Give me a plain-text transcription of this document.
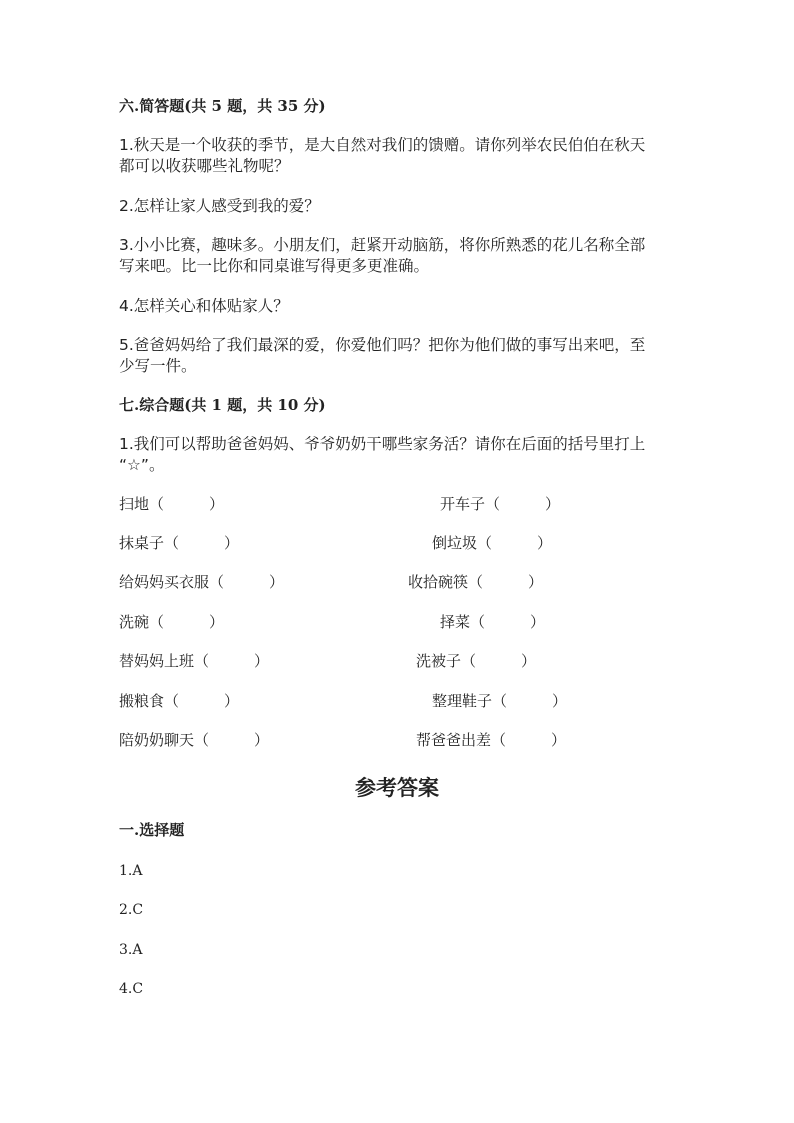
六.简答题(共 5 题，共 35 分)

1.秋天是一个收获的季节，是大自然对我们的馈赠。请你列举农民伯伯在秋天

都可以收获哪些礼物呢？

2.怎样让家人感受到我的爱？

3.小小比赛，趣味多。小朋友们，赶紧开动脑筋，将你所熟悉的花儿名称全部

写来吧。比一比你和同桌谁写得更多更准确。

4.怎样关心和体贴家人？

5.爸爸妈妈给了我们最深的爱，你爱他们吗？把你为他们做的事写出来吧，至

少写一件。

七.综合题(共 1 题，共 10 分)

1.我们可以帮助爸爸妈妈、爷爷奶奶干哪些家务活？请你在后面的括号里打上

“☆”。

扫地（　　　）	开车子（　　　）
抹桌子（　　　）	倒垃圾（　　　）
给妈妈买衣服（　　　）	收拾碗筷（　　　）
洗碗（　　　）	择菜（　　　）
替妈妈上班（　　　）	洗被子（　　　）
搬粮食（　　　）	整理鞋子（　　　）
陪奶奶聊天（　　　）	帮爸爸出差（　　　）
参考答案
一.选择题
1.A
2.C
3.A
4.C
